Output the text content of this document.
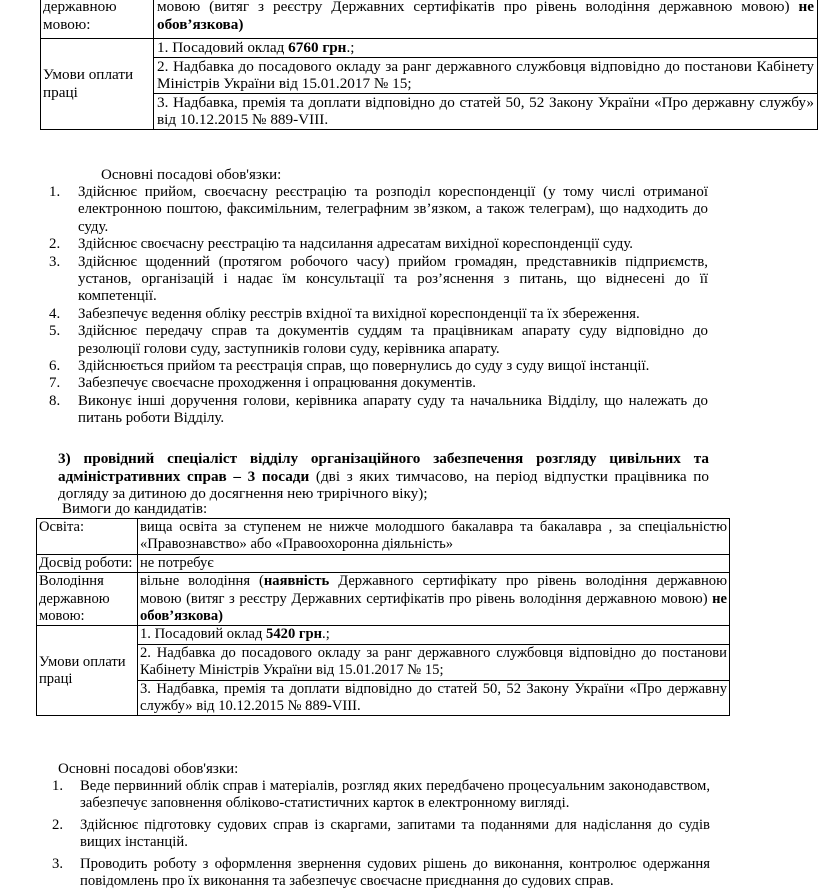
державною мовою:	мовою (витяг з реєстру Державних сертифікатів про рівень володіння державною мовою) не обов’язкова)
Умови оплати праці	1. Посадовий оклад 6760 грн.;
2. Надбавка до посадового окладу за ранг державного службовця відповідно до постанови Кабінету Міністрів України від 15.01.2017 № 15;
3. Надбавка, премія та доплати відповідно до статей 50, 52 Закону України «Про державну службу» від 10.12.2015 № 889-VIII.
Основні посадові обов'язки:
1. Здійснює прийом, своєчасну реєстрацію та розподіл кореспонденції (у тому числі отриманої електронною поштою, факсимільним, телеграфним зв’язком, а також телеграм), що надходить до суду.
2. Здійснює своєчасну реєстрацію та надсилання адресатам вихідної кореспонденції суду.
3. Здійснює щоденний (протягом робочого часу) прийом громадян, представників підприємств, установ, організацій і надає їм консультації та роз’яснення з питань, що віднесені до її компетенції.
4. Забезпечує ведення обліку реєстрів вхідної та вихідної кореспонденції та їх збереження.
5. Здійснює передачу справ та документів суддям та працівникам апарату суду відповідно до резолюції голови суду, заступників голови суду, керівника апарату.
6. Здійснюється прийом та реєстрація справ, що повернулись до суду з суду вищої інстанції.
7. Забезпечує своєчасне проходження і опрацювання документів.
8. Виконує інші доручення голови, керівника апарату суду та начальника Відділу, що належать до питань роботи Відділу.
3) провідний спеціаліст відділу організаційного забезпечення розгляду цивільних та адміністративних справ – 3 посади (дві з яких тимчасово, на період відпустки працівника по догляду за дитиною до досягнення нею трирічного віку);
Вимоги до кандидатів:
Освіта:	вища освіта за ступенем не нижче молодшого бакалавра та бакалавра , за спеціальністю «Правознавство» або «Правоохоронна діяльність»
Досвід роботи:	не потребує
Володіння державною мовою:	вільне володіння (наявність Державного сертифікату про рівень володіння державною мовою (витяг з реєстру Державних сертифікатів про рівень володіння державною мовою) не обов’язкова)
Умови оплати праці	1. Посадовий оклад 5420 грн.;
2. Надбавка до посадового окладу за ранг державного службовця відповідно до постанови Кабінету Міністрів України від 15.01.2017 № 15;
3. Надбавка, премія та доплати відповідно до статей 50, 52 Закону України «Про державну службу» від 10.12.2015 № 889-VIII.
Основні посадові обов'язки:
1. Веде первинний облік справ і матеріалів, розгляд яких передбачено процесуальним законодавством, забезпечує заповнення обліково-статистичних карток в електронному вигляді.
2. Здійснює підготовку судових справ із скаргами, запитами та поданнями для надіслання до судів вищих інстанцій.
3. Проводить роботу з оформлення звернення судових рішень до виконання, контролює одержання повідомлень про їх виконання та забезпечує своєчасне приєднання до судових справ.
